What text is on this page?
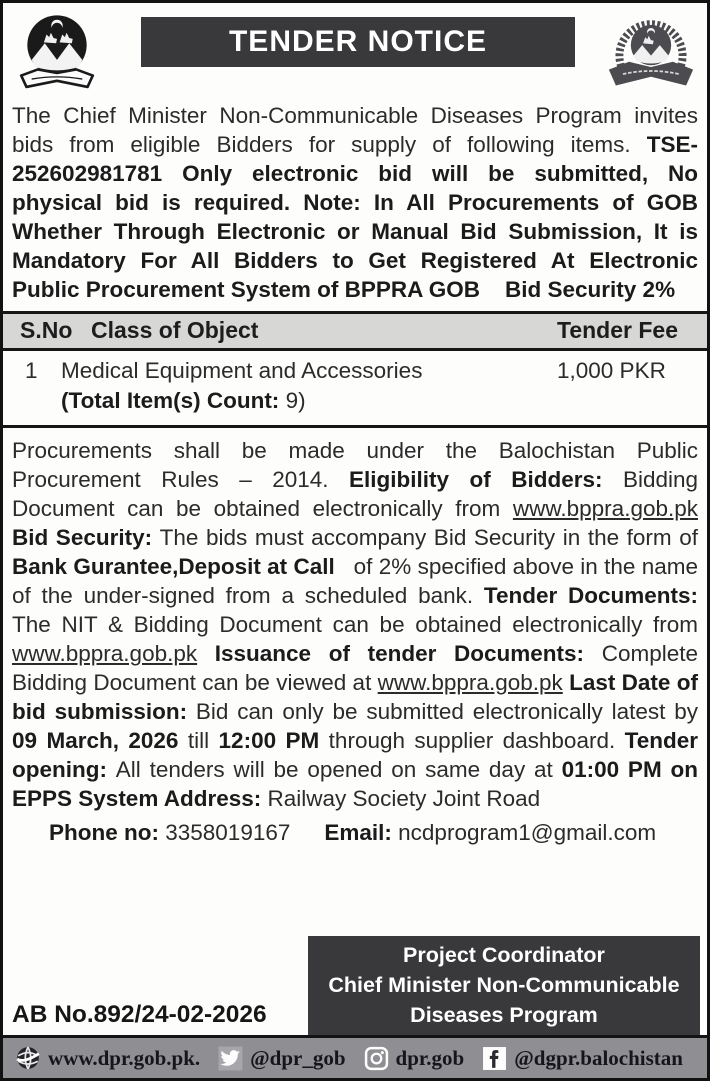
TENDER NOTICE
The Chief Minister Non-Communicable Diseases Program invites bids from eligible Bidders for supply of following items. TSE-252602981781 Only electronic bid will be submitted, No physical bid is required. Note: In All Procurements of GOB Whether Through Electronic or Manual Bid Submission, It is Mandatory For All Bidders to Get Registered At Electronic Public Procurement System of BPPRA GOB    Bid Security 2%
S.No Class of Object	Tender Fee
1	Medical Equipment and Accessories
(Total Item(s) Count: 9)
1,000 PKR
Procurements shall be made under the Balochistan Public Procurement Rules – 2014. Eligibility of Bidders: Bidding Document can be obtained electronically from www.bppra.gob.pk Bid Security: The bids must accompany Bid Security in the form of Bank Gurantee,Deposit at Call   of 2% specified above in the name of the under-signed from a scheduled bank. Tender Documents: The NIT & Bidding Document can be obtained electronically from www.bppra.gob.pk Issuance of tender Documents: Complete Bidding Document can be viewed at www.bppra.gob.pk Last Date of bid submission: Bid can only be submitted electronically latest by 09 March, 2026 till 12:00 PM through supplier dashboard. Tender opening: All tenders will be opened on same day at 01:00 PM on EPPS System Address: Railway Society Joint Road
Phone no: 3358019167 Email: ncdprogram1@gmail.com
AB No.892/24-02-2026
Project Coordinator
Chief Minister Non-Communicable
Diseases Program
www.dpr.gob.pk. @dpr_gob dpr.gob @dgpr.balochistan
